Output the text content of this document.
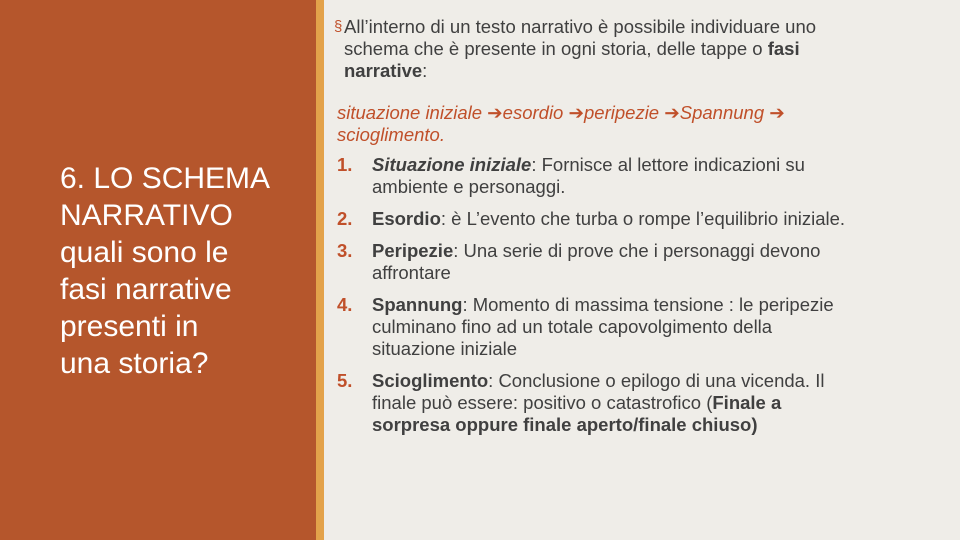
6. LO SCHEMA
NARRATIVO
quali sono le
fasi narrative
presenti in
una storia?

§ All’interno di un testo narrativo è possibile individuare uno
schema che è presente in ogni storia, delle tappe o fasi
narrative:

situazione iniziale ➔esordio ➔peripezie ➔Spannung ➔
scioglimento.
1. Situazione iniziale: Fornisce al lettore indicazioni su
ambiente e personaggi.
2. Esordio: è L’evento che turba o rompe l’equilibrio iniziale.
3. Peripezie: Una serie di prove che i personaggi devono
affrontare
4. Spannung: Momento di massima tensione : le peripezie
culminano fino ad un totale capovolgimento della
situazione iniziale
5. Scioglimento: Conclusione o epilogo di una vicenda. Il
finale può essere: positivo o catastrofico (Finale a
sorpresa oppure finale aperto/finale chiuso)
